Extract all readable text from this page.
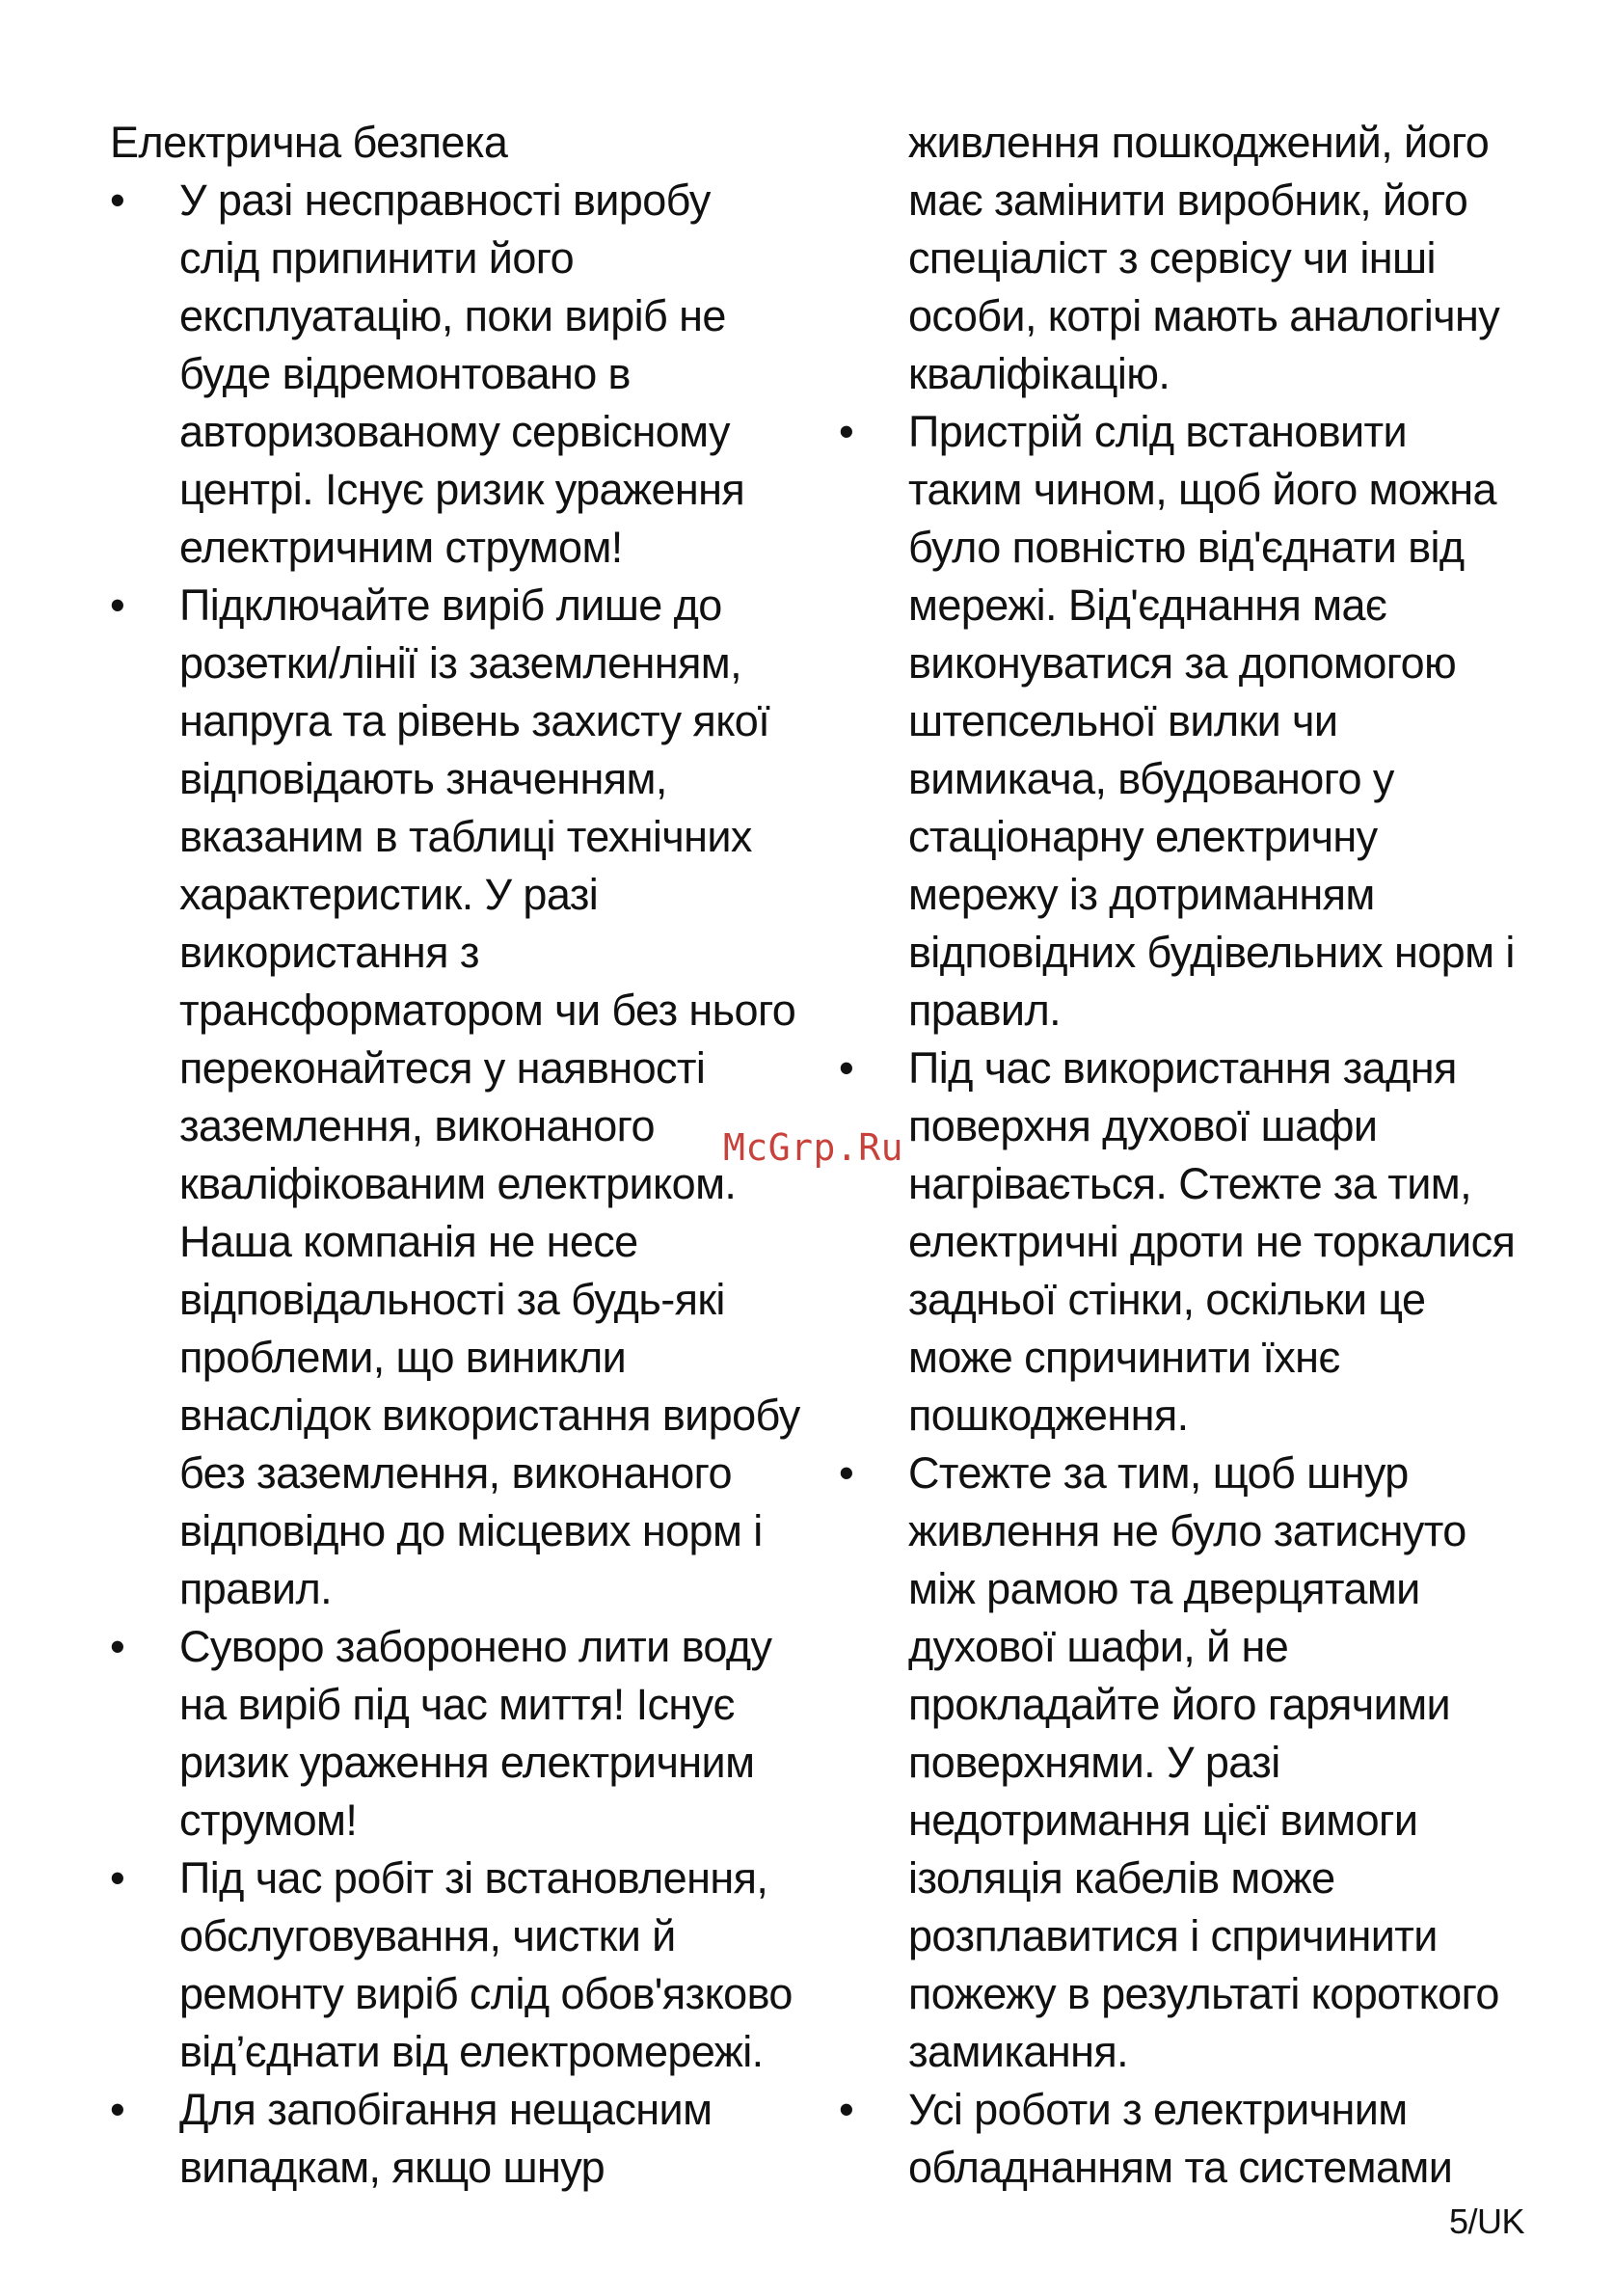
Електрична безпека
• У разі несправності виробу
слід припинити його
експлуатацію, поки виріб не
буде відремонтовано в
авторизованому сервісному
центрі. Існує ризик ураження
електричним струмом!
• Підключайте виріб лише до
розетки/лінії із заземленням,
напруга та рівень захисту якої
відповідають значенням,
вказаним в таблиці технічних
характеристик. У разі
використання з
трансформатором чи без нього
переконайтеся у наявності
заземлення, виконаного
кваліфікованим електриком.
Наша компанія не несе
відповідальності за будь-які
проблеми, що виникли
внаслідок використання виробу
без заземлення, виконаного
відповідно до місцевих норм і
правил.
• Суворо заборонено лити воду
на виріб під час миття! Існує
ризик ураження електричним
струмом!
• Під час робіт зі встановлення,
обслуговування, чистки й
ремонту виріб слід обов'язково
від’єднати від електромережі.
• Для запобігання нещасним
випадкам, якщо шнур
живлення пошкоджений, його
має замінити виробник, його
спеціаліст з сервісу чи інші
особи, котрі мають аналогічну
кваліфікацію.
• Пристрій слід встановити
таким чином, щоб його можна
було повністю від'єднати від
мережі. Від'єднання має
виконуватися за допомогою
штепсельної вилки чи
вимикача, вбудованого у
стаціонарну електричну
мережу із дотриманням
відповідних будівельних норм і
правил.
• Під час використання задня
поверхня духової шафи
нагрівається. Стежте за тим,
електричні дроти не торкалися
задньої стінки, оскільки це
може спричинити їхнє
пошкодження.
• Стежте за тим, щоб шнур
живлення не було затиснуто
між рамою та дверцятами
духової шафи, й не
прокладайте його гарячими
поверхнями. У разі
недотримання цієї вимоги
ізоляція кабелів може
розплавитися і спричинити
пожежу в результаті короткого
замикання.
• Усі роботи з електричним
обладнанням та системами
McGrp.Ru
5/UK
